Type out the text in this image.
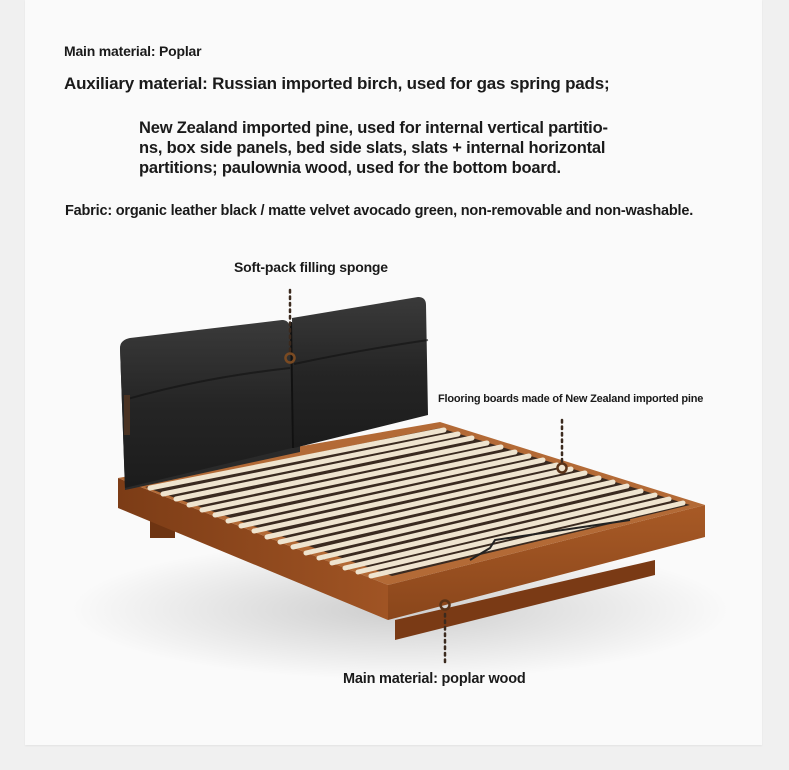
Main material: Poplar
Auxiliary material: Russian imported birch, used for gas spring pads;
New Zealand imported pine, used for internal vertical partitio-
ns, box side panels, bed side slats, slats + internal horizontal
partitions; paulownia wood, used for the bottom board.
Fabric: organic leather black / matte velvet avocado green, non-removable and non-washable.
Soft-pack filling sponge
Flooring boards made of New Zealand imported pine
Main material: poplar wood
